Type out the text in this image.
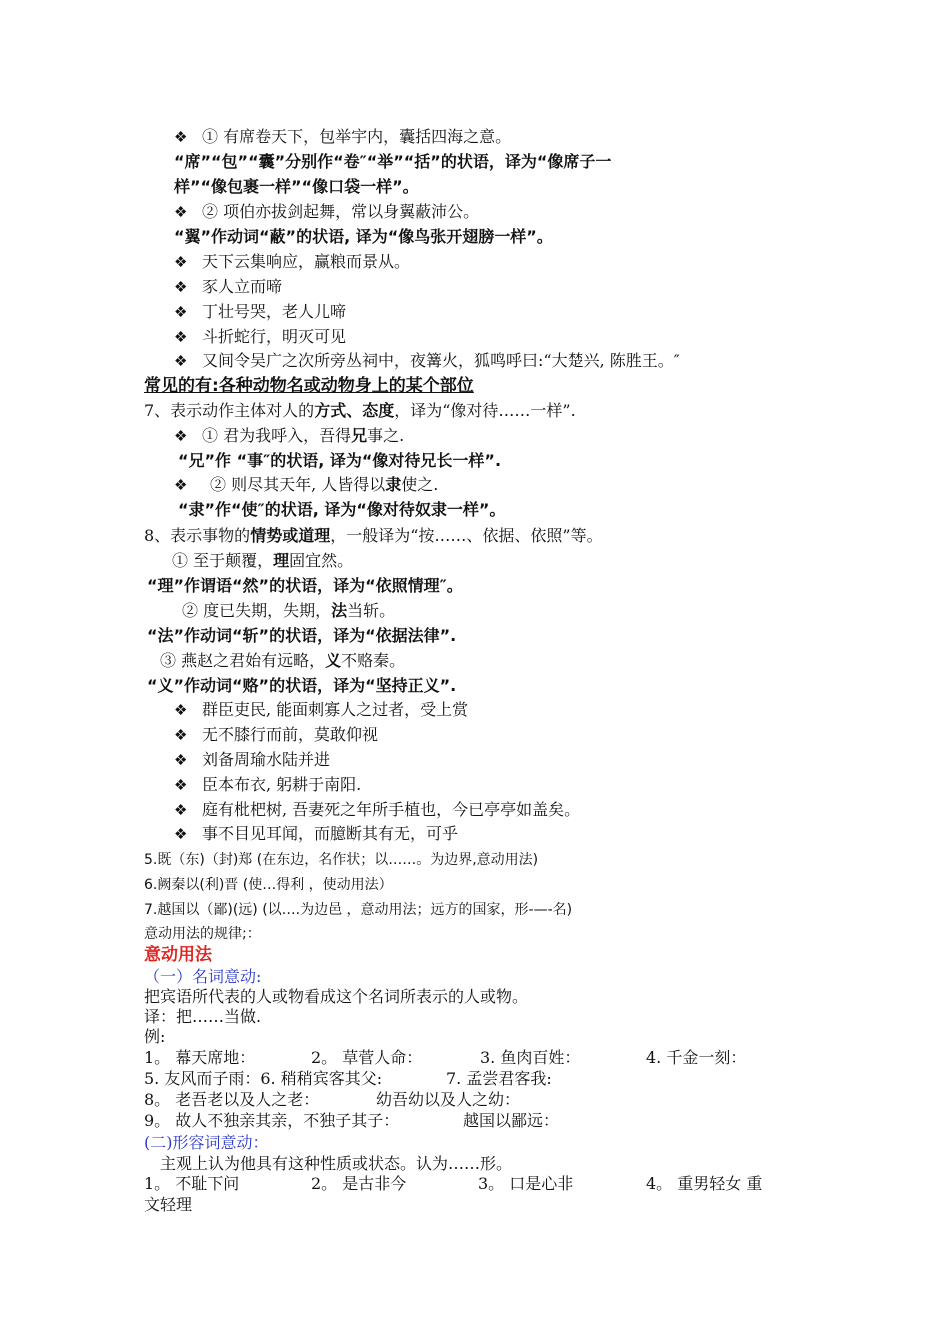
❖ ① 有席卷天下，包举宇内，囊括四海之意。
“席”“包”“囊”分别作“卷″“举”“括”的状语，译为“像席子一
样”“像包裹一样”“像口袋一样”。
❖ ② 项伯亦拔剑起舞，常以身翼蔽沛公。
“翼”作动词“蔽”的状语, 译为“像鸟张开翅膀一样”。
❖ 天下云集响应，赢粮而景从。
❖ 豕人立而啼
❖ 丁壮号哭，老人儿啼
❖ 斗折蛇行，明灭可见
❖ 又间令吴广之次所旁丛祠中，夜篝火，狐鸣呼曰:“大楚兴, 陈胜王。″
常见的有:各种动物名或动物身上的某个部位
7、表示动作主体对人的方式、态度，译为“像对待……一样”.
❖ ① 君为我呼入，吾得兄事之.
“兄”作 “事″的状语, 译为“像对待兄长一样”.
❖ ② 则尽其天年, 人皆得以隶使之.
“隶”作“使″的状语, 译为“像对待奴隶一样”。
8、表示事物的情势或道理，一般译为“按……、依据、依照”等。
① 至于颠覆，理固宜然。
“理”作谓语“然”的状语，译为“依照情理″。
② 度已失期，失期，法当斩。
“法”作动词“斩”的状语，译为“依据法律”.
③ 燕赵之君始有远略，义不赂秦。
“义”作动词“赂”的状语，译为“坚持正义”.
❖ 群臣吏民, 能面刺寡人之过者，受上赏
❖ 无不膝行而前，莫敢仰视
❖ 刘备周瑜水陆并进
❖ 臣本布衣, 躬耕于南阳.
❖ 庭有枇杷树, 吾妻死之年所手植也，今已亭亭如盖矣。
❖ 事不目见耳闻，而臆断其有无，可乎
5.既（东)（封)郑 (在东边，名作状；以……。为边界,意动用法)
6.阙秦以(利)晋 (使…得利 ，使动用法）
7.越国以（鄙)(远) (以….为边邑 ，意动用法；远方的国家，形-—-名)
意动用法的规律;：
意动用法
（一）名词意动:
把宾语所代表的人或物看成这个名词所表示的人或物。
译：把……当做.
例:
1。 幕天席地：	2。 草菅人命：	3. 鱼肉百姓：	4. 千金一刻：
5. 友风而子雨：6. 稍稍宾客其父:	7. 孟尝君客我:
8。 老吾老以及人之老：	幼吾幼以及人之幼：
9。 故人不独亲其亲，不独子其子：	越国以鄙远：
(二)形容词意动：
主观上认为他具有这种性质或状态。认为……形。
1。 不耻下问	2。 是古非今	3。 口是心非	4。 重男轻女 重
文轻理
